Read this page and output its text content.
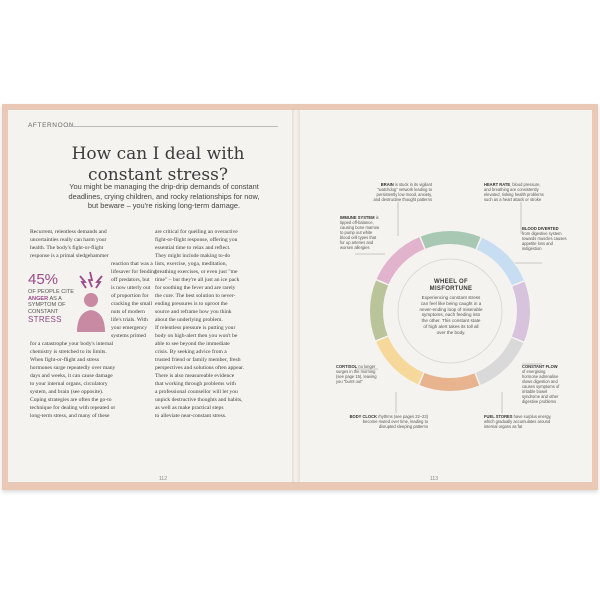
AFTERNOON
How can I deal with
constant stress?
You might be managing the drip-drip demands of constant
deadlines, crying children, and rocky relationships for now,
but beware – you're risking long-term damage.
Recurrent, relentless demands and
uncertainties really can harm your
health. The body's fight-or-flight
response is a primal sledgehammer
reaction that was a
lifesaver for fending
off predators, but
is now utterly out
of proportion for
cracking the small
nuts of modern
life's trials. With
your emergency
systems primed
45%
OF PEOPLE CITE
ANGER AS A
SYMPTOM OF
CONSTANT
STRESS
for a catastrophe your body's internal
chemistry is stretched to its limits.
When fight-or-flight and stress
hormones surge repeatedly over many
days and weeks, it can cause damage
to your internal organs, circulatory
system, and brain (see opposite).
Coping strategies are often the go-to
technique for dealing with repeated or
long-term stress, and many of these
are critical for quelling an overactive
fight-or-flight response, offering you
essential time to relax and reflect.
They might include making to-do
lists, exercise, yoga, meditation,
breathing exercises, or even just "me
time" – but they're all just an ice pack
for soothing the fever and are rarely
the cure. The best solution to never-
ending pressures is to uproot the
source and reframe how you think
about the underlying problem.
If relentless pressure is putting your
body on high-alert then you won't be
able to see beyond the immediate
crisis. By seeking advice from a
trusted friend or family member, fresh
perspectives and solutions often appear.
There is also measureable evidence
that working through problems with
a professional counsellor will let you
unpick destructive thoughts and habits,
as well as make practical steps
to alleviate near-constant stress.
112	113
WHEEL OF
MISFORTUNE
Experiencing constant stress
can feel like being caught in a
never-ending loop of miserable
symptoms, each feeding into
the other. This constant state
of high alert takes its toll all
over the body.
BRAIN is stuck in its vigilant
"watchdog" network leading to
persistently low mood, anxiety,
and destructive thought patterns
HEART RATE, blood pressure,
and breathing are consistently
elevated, risking health problems
such as a heart attack or stroke
IMMUNE SYSTEM is
tipped off-balance,
causing bone marrow
to pump out white
blood cell types that
fur up arteries and
worsen allergies
BLOOD DIVERTED
from digestive system
towards muscles causes
appetite loss and
indigestion
CORTISOL no longer
surges in the morning
(see page 15), leaving
you "burnt out"
CONSTANT FLOW
of energising
hormone adrenaline
slows digestion and
causes symptoms of
irritable bowel
syndrome and other
digestive problems
BODY CLOCK rhythms (see pages 22–23)
become muted over time, leading to
disrupted sleeping patterns
FUEL STORES have surplus energy,
which gradually accumulates around
internal organs as fat
